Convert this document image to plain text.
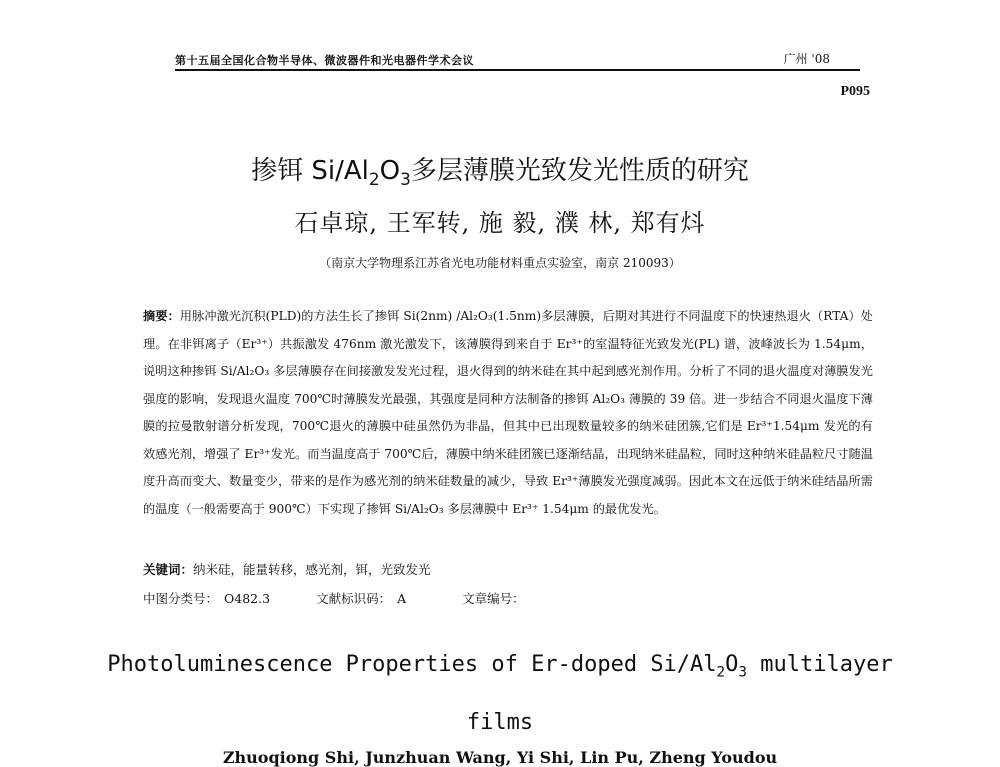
第十五届全国化合物半导体、微波器件和光电器件学术会议	广州 '08
P095
掺铒 $Si/Al_2O_3$多层薄膜光致发光性质的研究
石卓琼, 王军转, 施 毅, 濮 林, 郑有炓
（南京大学物理系江苏省光电功能材料重点实验室，南京 210093）
摘要：用脉冲激光沉积(PLD)的方法生长了掺铒 Si(2nm) /Al₂O₃(1.5nm)多层薄膜，后期对其进行不同温度下的快速热退火（RTA）处理。在非铒离子（Er³⁺）共振激发 476nm 激光激发下，该薄膜得到来自于 Er³⁺的室温特征光致发光(PL) 谱，波峰波长为 1.54μm，说明这种掺铒 Si/Al₂O₃ 多层薄膜存在间接激发发光过程，退火得到的纳米硅在其中起到感光剂作用。分析了不同的退火温度对薄膜发光强度的影响，发现退火温度 700℃时薄膜发光最强，其强度是同种方法制备的掺铒 Al₂O₃ 薄膜的 39 倍。进一步结合不同退火温度下薄膜的拉曼散射谱分析发现，700℃退火的薄膜中硅虽然仍为非晶，但其中已出现数量较多的纳米硅团簇,它们是 Er³⁺1.54μm 发光的有效感光剂，增强了 Er³⁺发光。而当温度高于 700℃后，薄膜中纳米硅团簇已逐渐结晶，出现纳米硅晶粒，同时这种纳米硅晶粒尺寸随温度升高而变大、数量变少，带来的是作为感光剂的纳米硅数量的减少，导致 Er³⁺薄膜发光强度减弱。因此本文在远低于纳米硅结晶所需的温度（一般需要高于 900℃）下实现了掺铒 Si/Al₂O₃ 多层薄膜中 Er³⁺ 1.54μm 的最优发光。
关键词：纳米硅，能量转移，感光剂，铒，光致发光
中图分类号： O482.3	文献标识码： A	文章编号：
Photoluminescence Properties of Er-doped $Si/Al_2O_3$ multilayer
films
Zhuoqiong Shi, Junzhuan Wang, Yi Shi, Lin Pu, Zheng Youdou
